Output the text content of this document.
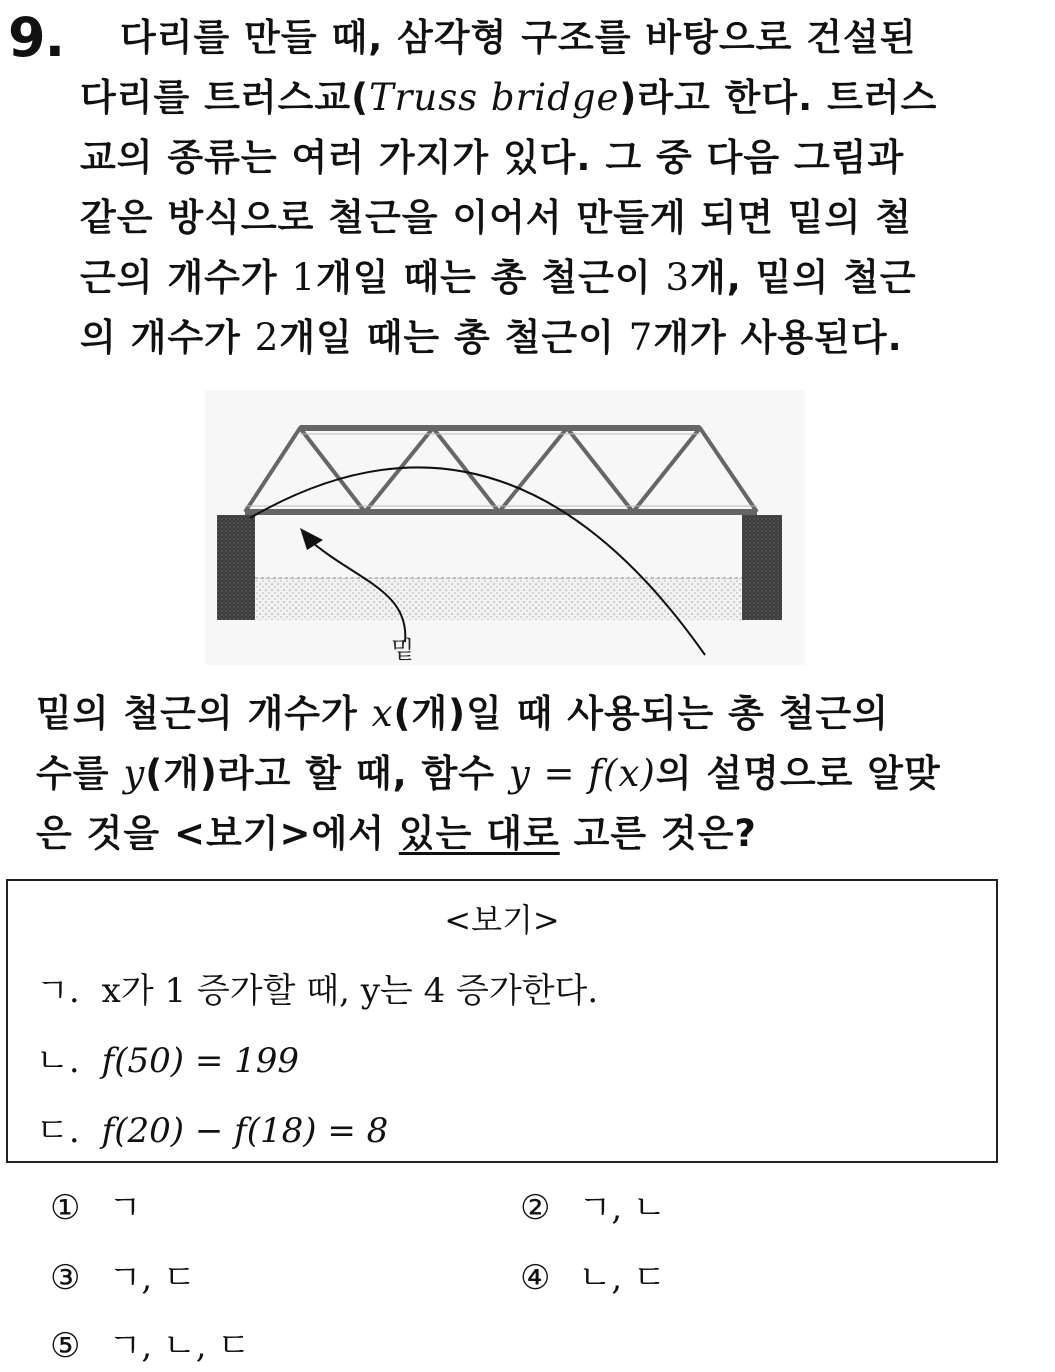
9.	다리를 만들 때, 삼각형 구조를 바탕으로 건설된
다리를 트러스교(Truss bridge)라고 한다. 트러스
교의 종류는 여러 가지가 있다. 그 중 다음 그림과
같은 방식으로 철근을 이어서 만들게 되면 밑의 철
근의 개수가 1개일 때는 총 철근이 3개, 밑의 철근
의 개수가 2개일 때는 총 철근이 7개가 사용된다.
밑
밑의 철근의 개수가 x(개)일 때 사용되는 총 철근의
수를 y(개)라고 할 때, 함수 y = f(x)의 설명으로 알맞
은 것을 <보기>에서 있는 대로 고른 것은?
<보기>
ㄱ. x가 1 증가할 때, y는 4 증가한다.
ㄴ. f(50) = 199
ㄷ. f(20) − f(18) = 8
① ㄱ	② ㄱ, ㄴ
③ ㄱ, ㄷ	④ ㄴ, ㄷ
⑤ ㄱ, ㄴ, ㄷ
